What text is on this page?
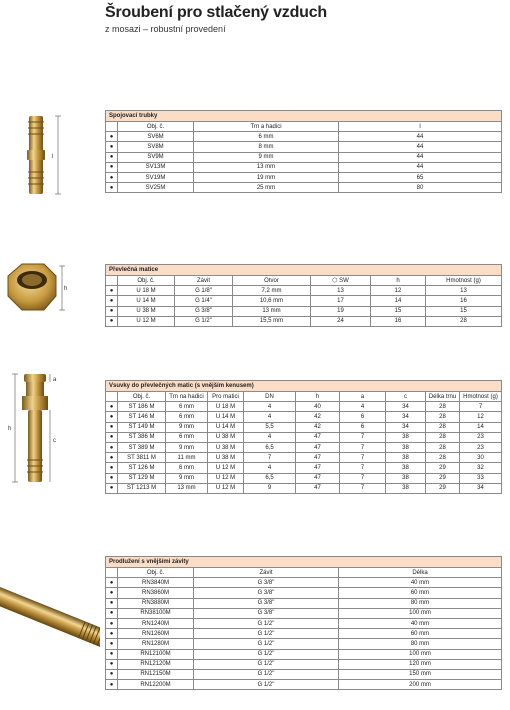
Šroubení pro stlačený vzduch
z mosazi – robustní provedení
l
h
h
a
c
Spojovací trubky			
	Obj. č.	Trn a hadici	l
●	SV6M	6 mm	44
●	SV8M	8 mm	44
●	SV9M	9 mm	44
●	SV13M	13 mm	44
●	SV19M	19 mm	65
●	SV25M	25 mm	80
Převlečná matice						
	Obj. č.	Závit	Otvor	⬡ SW	h	Hmotnost (g)
●	U 18 M	G 1/8"	7,2 mm	13	12	13
●	U 14 M	G 1/4"	10,6 mm	17	14	16
●	U 38 M	G 3/8"	13 mm	19	15	15
●	U 12 M	G 1/2"	15,5 mm	24	16	28
Vsuvky do převlečných matic (s vnějším kenusem)									
	Obj. č.	Trn na hadici	Pro matici	DN	h	a	c	Délka trnu	Hmotnost (g)
●	ST 186 M	6 mm	U 18 M	4	40	4	34	28	7
●	ST 146 M	6 mm	U 14 M	4	42	6	34	28	12
●	ST 149 M	9 mm	U 14 M	5,5	42	6	34	28	14
●	ST 386 M	6 mm	U 38 M	4	47	7	38	28	23
●	ST 389 M	9 mm	U 38 M	6,5	47	7	38	28	23
●	ST 3811 M	11 mm	U 38 M	7	47	7	38	28	30
●	ST 126 M	6 mm	U 12 M	4	47	7	38	29	32
●	ST 129 M	9 mm	U 12 M	6,5	47	7	38	29	33
●	ST 1213 M	13 mm	U 12 M	9	47	7	38	29	34
Prodlužení s vnějšími závity			
	Obj. č.	Závit	Délka
●	RN3840M	G 3/8"	40 mm
●	RN3860M	G 3/8"	60 mm
●	RN3880M	G 3/8"	80 mm
●	RN38100M	G 3/8"	100 mm
●	RN1240M	G 1/2"	40 mm
●	RN1260M	G 1/2"	60 mm
●	RN1280M	G 1/2"	80 mm
●	RN12100M	G 1/2"	100 mm
●	RN12120M	G 1/2"	120 mm
●	RN12150M	G 1/2"	150 mm
●	RN12200M	G 1/2"	200 mm
